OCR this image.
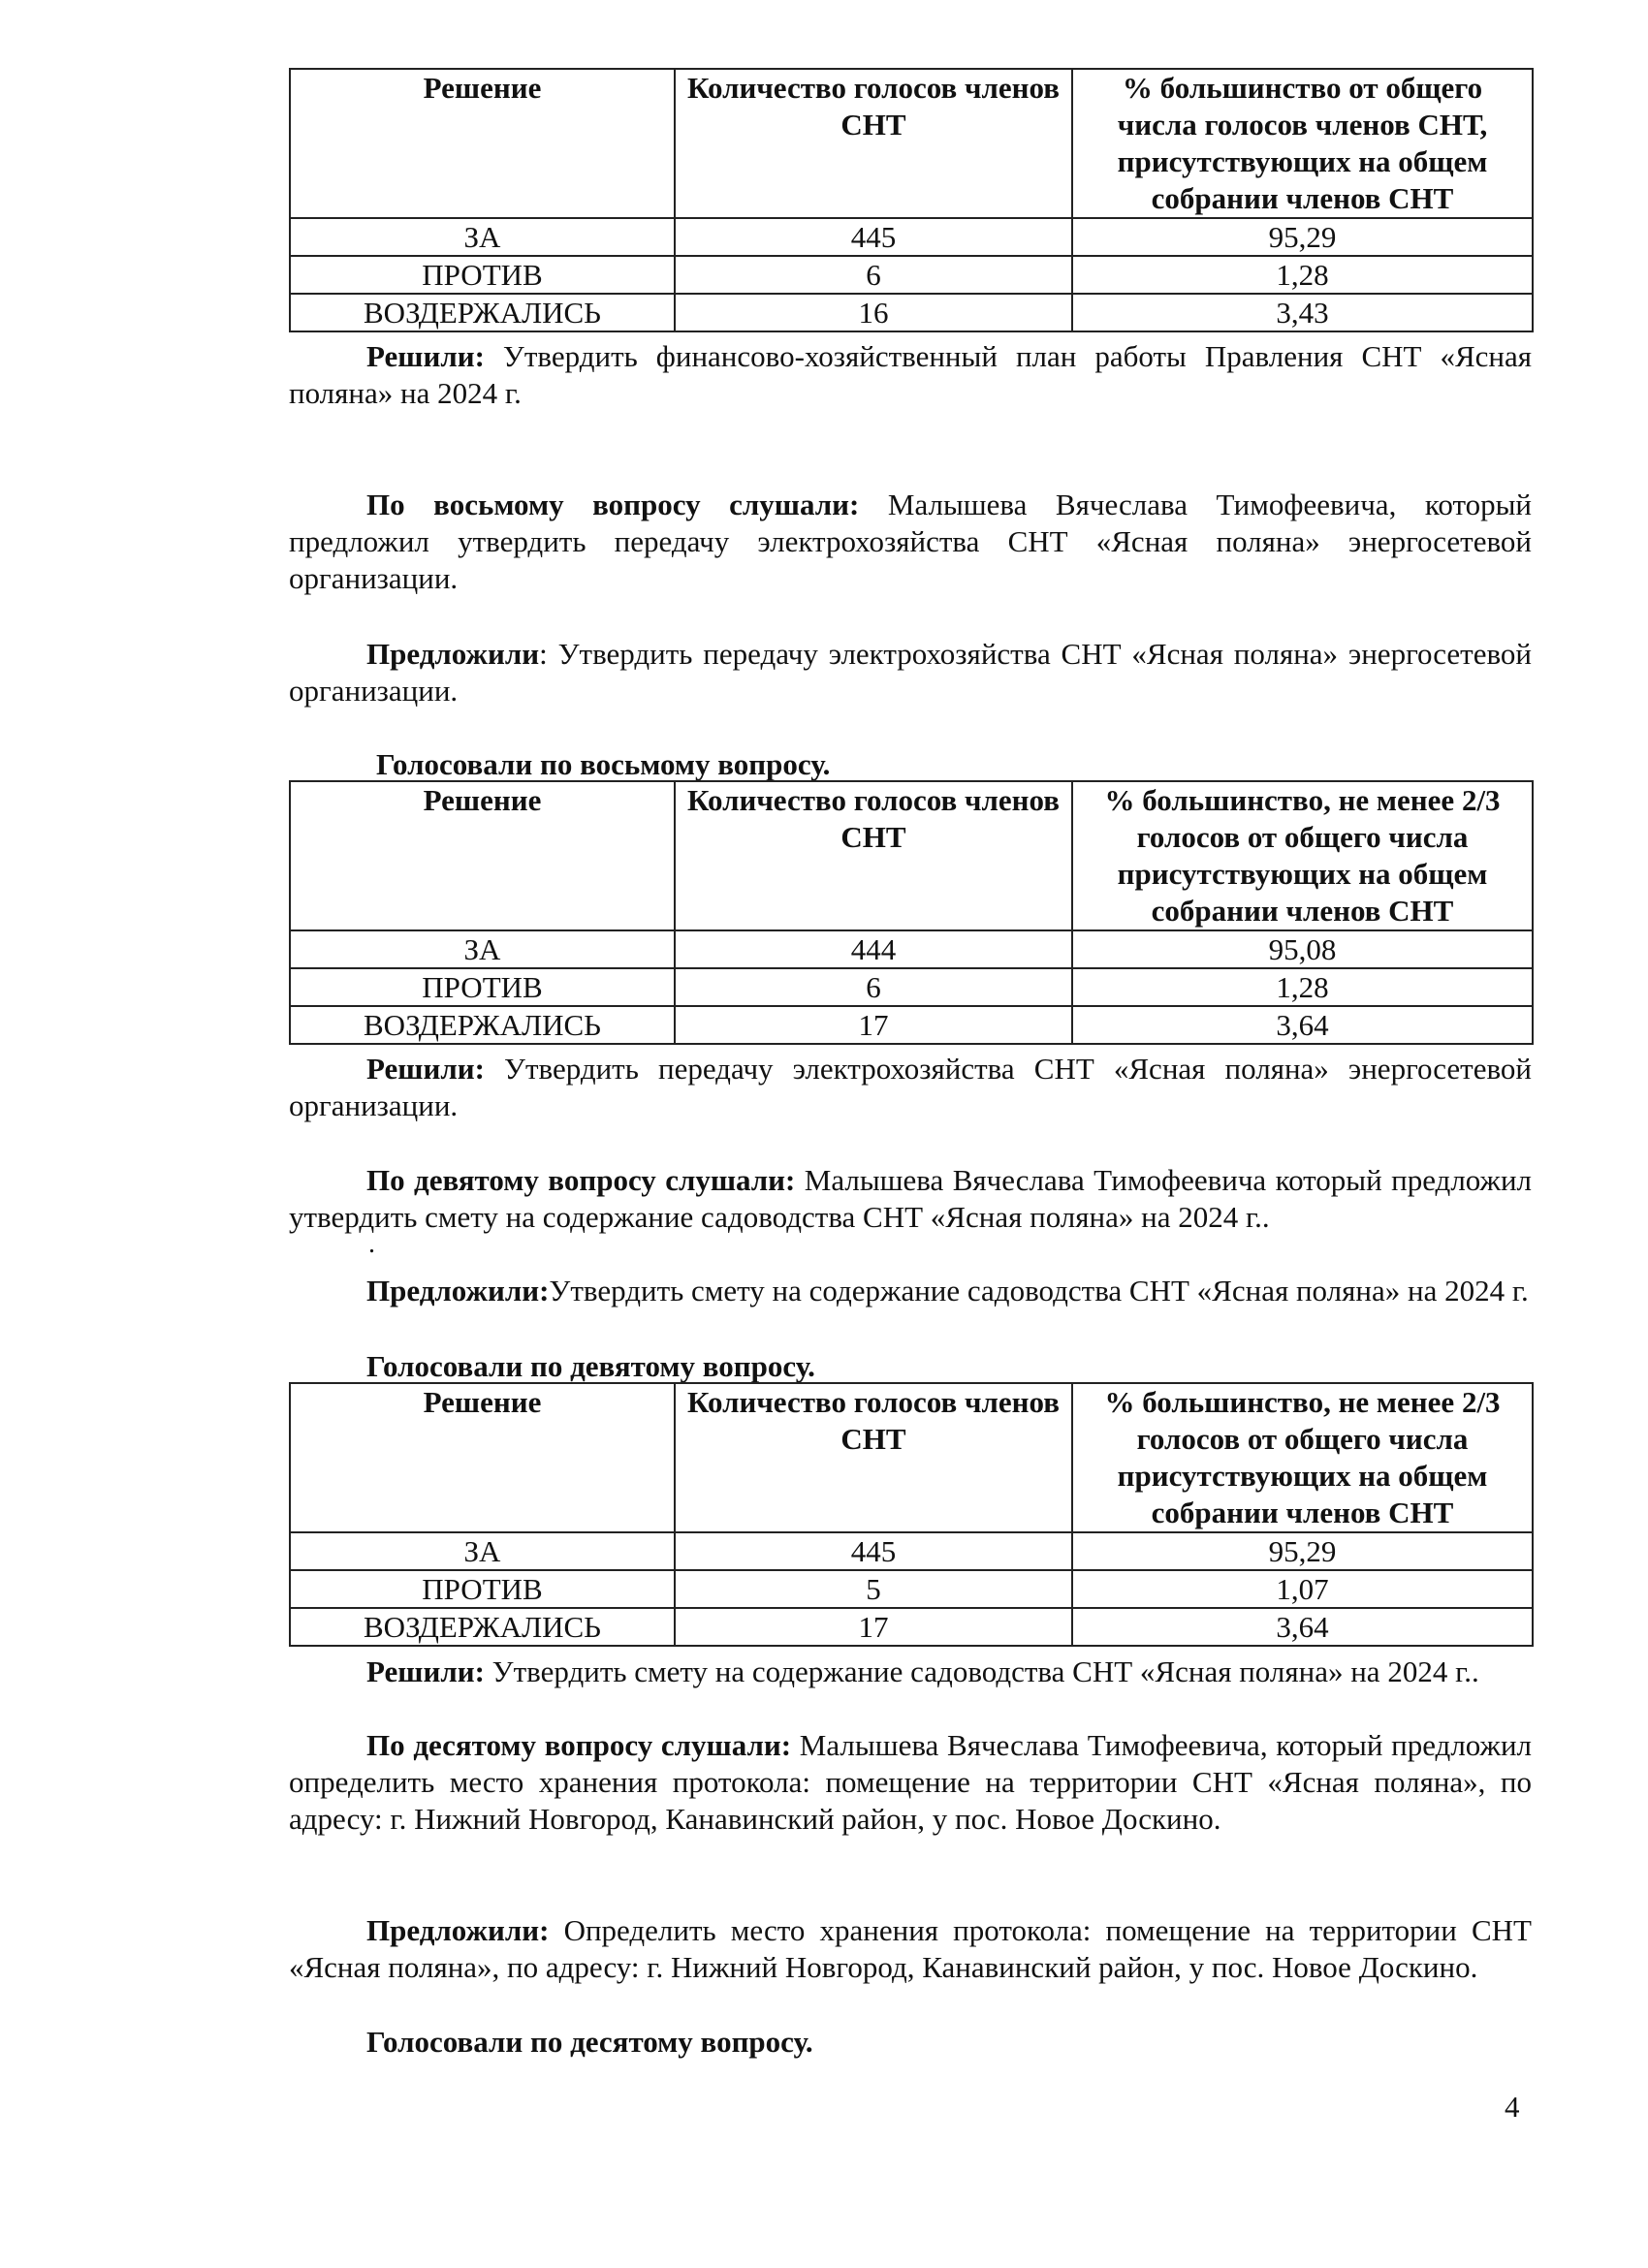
Решение	Количество голосов членов СНТ	% большинство от общего числа голосов членов СНТ, присутствующих на общем собрании членов СНТ
ЗА	445	95,29
ПРОТИВ	6	1,28
ВОЗДЕРЖАЛИСЬ	16	3,43

Решили: Утвердить финансово-хозяйственный план работы Правления СНТ «Ясная поляна» на 2024 г.

По восьмому вопросу слушали: Малышева Вячеслава Тимофеевича, который предложил утвердить передачу электрохозяйства СНТ «Ясная поляна» энергосетевой организации.

Предложили: Утвердить передачу электрохозяйства СНТ «Ясная поляна» энергосетевой организации.

Голосовали по восьмому вопросу.
Решение	Количество голосов членов СНТ	% большинство, не менее 2/3 голосов от общего числа присутствующих на общем собрании членов СНТ
ЗА	444	95,08
ПРОТИВ	6	1,28
ВОЗДЕРЖАЛИСЬ	17	3,64

Решили: Утвердить передачу электрохозяйства СНТ «Ясная поляна» энергосетевой организации.

По девятому вопросу слушали: Малышева Вячеслава Тимофеевича который предложил утвердить смету на содержание садоводства СНТ «Ясная поляна» на 2024 г..

.

Предложили:Утвердить смету на содержание садоводства СНТ «Ясная поляна» на 2024 г.

Голосовали по девятому вопросу.
Решение	Количество голосов членов СНТ	% большинство, не менее 2/3 голосов от общего числа присутствующих на общем собрании членов СНТ
ЗА	445	95,29
ПРОТИВ	5	1,07
ВОЗДЕРЖАЛИСЬ	17	3,64

Решили: Утвердить смету на содержание садоводства СНТ «Ясная поляна» на 2024 г..

По десятому вопросу слушали: Малышева Вячеслава Тимофеевича, который предложил определить место хранения протокола: помещение на территории СНТ «Ясная поляна», по адресу: г. Нижний Новгород, Канавинский район, у пос. Новое Доскино.

Предложили: Определить место хранения протокола: помещение на территории СНТ «Ясная поляна», по адресу: г. Нижний Новгород, Канавинский район, у пос. Новое Доскино.

Голосовали по десятому вопросу.
4
